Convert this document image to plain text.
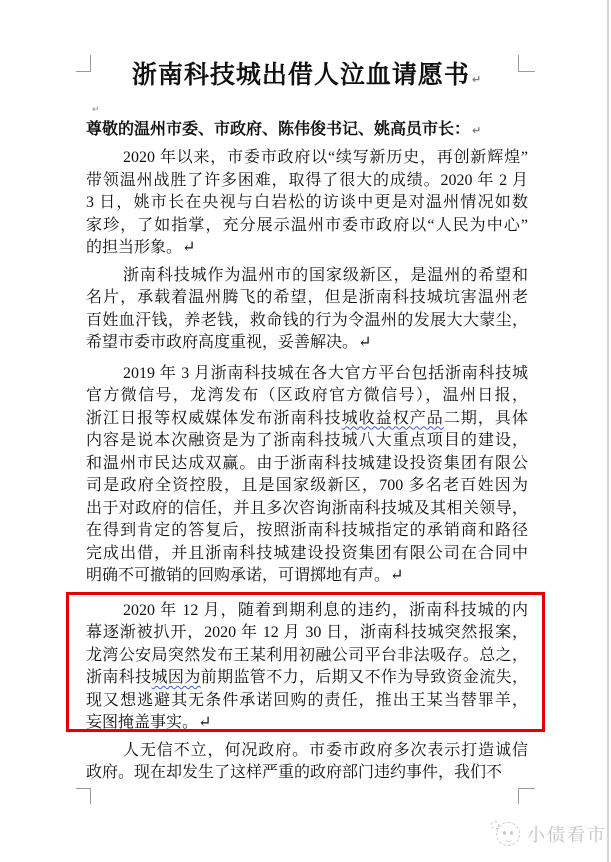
浙南科技城出借人泣血请愿书 ↵
↵
尊敬的温州市委、市政府、陈伟俊书记、姚高员市长： ↵
2020 年以来，市委市政府以“续写新历史，再创新辉煌”
带领温州战胜了许多困难，取得了很大的成绩。2020 年 2 月
3 日，姚市长在央视与白岩松的访谈中更是对温州情况如数
家珍，了如指掌，充分展示温州市委市政府以“人民为中心”
的担当形象。↵
浙南科技城作为温州市的国家级新区，是温州的希望和
名片，承载着温州腾飞的希望，但是浙南科技城坑害温州老
百姓血汗钱，养老钱，救命钱的行为令温州的发展大大蒙尘，
希望市委市政府高度重视，妥善解决。↵
2019 年 3 月浙南科技城在各大官方平台包括浙南科技城
官方微信号，龙湾发布（区政府官方微信号），温州日报，
浙江日报等权威媒体发布浙南科技城收益权产品二期，具体
内容是说本次融资是为了浙南科技城八大重点项目的建设，
和温州市民达成双赢。由于浙南科技城建设投资集团有限公
司是政府全资控股，且是国家级新区，700 多名老百姓因为
出于对政府的信任，并且多次咨询浙南科技城及其相关领导，
在得到肯定的答复后，按照浙南科技城指定的承销商和路径
完成出借，并且浙南科技城建设投资集团有限公司在合同中
明确不可撤销的回购承诺，可谓掷地有声。↵
2020 年 12 月，随着到期利息的违约，浙南科技城的内
幕逐渐被扒开，2020 年 12 月 30 日，浙南科技城突然报案，
龙湾公安局突然发布王某利用初融公司平台非法吸存。总之，
浙南科技城因为前期监管不力，后期又不作为导致资金流失，
现又想逃避其无条件承诺回购的责任，推出王某当替罪羊，
妄图掩盖事实。↵
人无信不立，何况政府。市委市政府多次表示打造诚信
政府。现在却发生了这样严重的政府部门违约事件，我们不
小债看市
